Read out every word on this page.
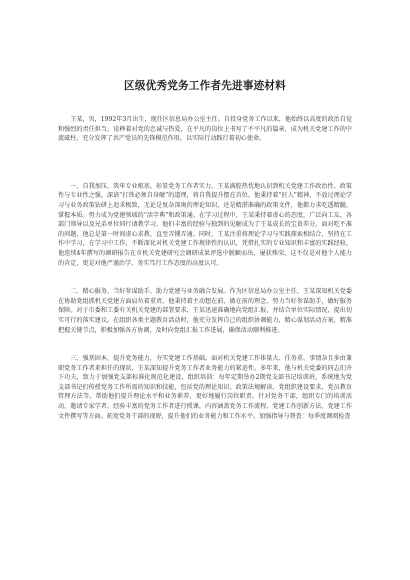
区级优秀党务工作者先进事迹材料

王某，男，1992年3月出生，现任区信息局办公室主任。自投身党务工作以来，他始终以高度的政治自觉和强烈的责任担当，诠释着对党的忠诚与热爱，在平凡的岗位上书写了不平凡的篇章，成为机关党建工作的中流砥柱，充分发挥了共产党员的先锋模范作用，以实际行动践行着初心使命。

一、自我加压，筑牢专业根基，彰显党务工作者实力。王某满腔热忱地认识到机关党建工作政治性、政策性与专业性之强，深谙“打铁必须自身硬”的道理，将自我提升摆在首位。他秉持着“匠人”精神，不放过理论学习与业务政策钻研上追求极致，无论是复杂深奥的理论知识，还是精湛准确的政策文件，他都力求吃透精髓、掌握本质。努力成为党建领域的“活字典”和政策通。在学习过程中，王某秉持着虚心的态度，广泛向工友、各部门领导以及兄弟单位同行请教学习，他们丰富的经验与独到的见解成为了王某成长的宝贵养分。面对吃不准的问题，他总是第一时间虚心求教，直至弄懂弄通。同时，王某注重将理论学习与实践探索相结合，坚持在工作中学习，在学习中工作，不断深化对机关党建工作规律性的认识，凭借扎实的专业知识和丰富的实践经验，他连续4年撰写的调研报告在市机关党建研究会调研成果评选中脱颖而出，屡获殊荣，这不仅是对他个人能力的肯定，更是对他严谨治学、务实笃行工作态度的高度认可。

二、精心服务，当好参谋助手，助力党建与业务融合发展。作为区信息局办公室主任，王某深知机关党委在协助党组抓机关党建方面肩负着重责。他秉持着主动想在前、做在前的理念，努力当好参谋助手，做好服务保障。对于市委和工委有关机关党建的部署要求，王某迅速准确地向党组汇报，并结合单位实际情况，提出切实可行的落实建议。在组织各类主题教育活动时，他充分发挥自己的组织协调能力，精心谋划活动方案，精准把握关键节点，积极加强各方协调，及时向党组汇报工作进展，确保活动顺利推进。

三、强基固本，提升党务能力，夯实党建工作基础。面对机关党建工作体量大、任务重、事情杂且多由兼职党务工作者来担任的现状，王某深知提升党务工作者业务能力的紧迫性。多年来，他与机关党委的同志们齐下功夫，致力于加强党支部标准化规范化建设，组织培训：每年定期举办2期党支部书记培训班，系统地为党支部书记们传授党务工作所需的知识和技能，包括党的理论知识、政策法规解读、党组织建设要求、党员教育管理方法等，帮助他们提升理论水平和业务素养，更好地履行岗位职责。针对党务干部，组织专门的培训活动，邀请专家学者、经验丰富的党务工作者进行授课，内容涵盖党务工作流程、党建工作创新方法、党建工作文件撰写等方面。拓宽党务干部的视野，提升他们的业务能力和工作水平。加强指导与督查：每季度调阅检查
